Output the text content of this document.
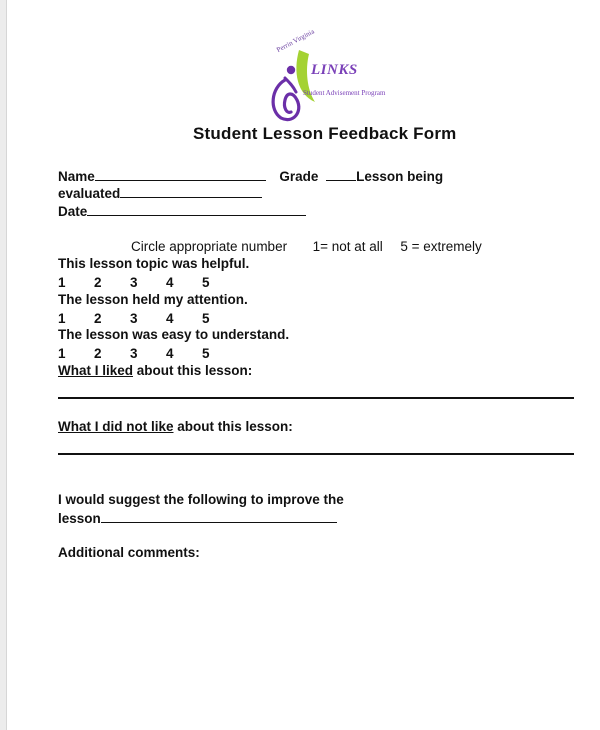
Perrin Virginia
LINKS
Student Advisement Program
Student Lesson Feedback Form
Name	Grade	Lesson being
evaluated
Date
Circle appropriate number 1= not at all 5 = extremely
This lesson topic was helpful.
1 2 3 4 5
The lesson held my attention.
1 2 3 4 5
The lesson was easy to understand.
1 2 3 4 5
What I liked about this lesson:
What I did not like about this lesson:
I would suggest the following to improve the
lesson
Additional comments:
